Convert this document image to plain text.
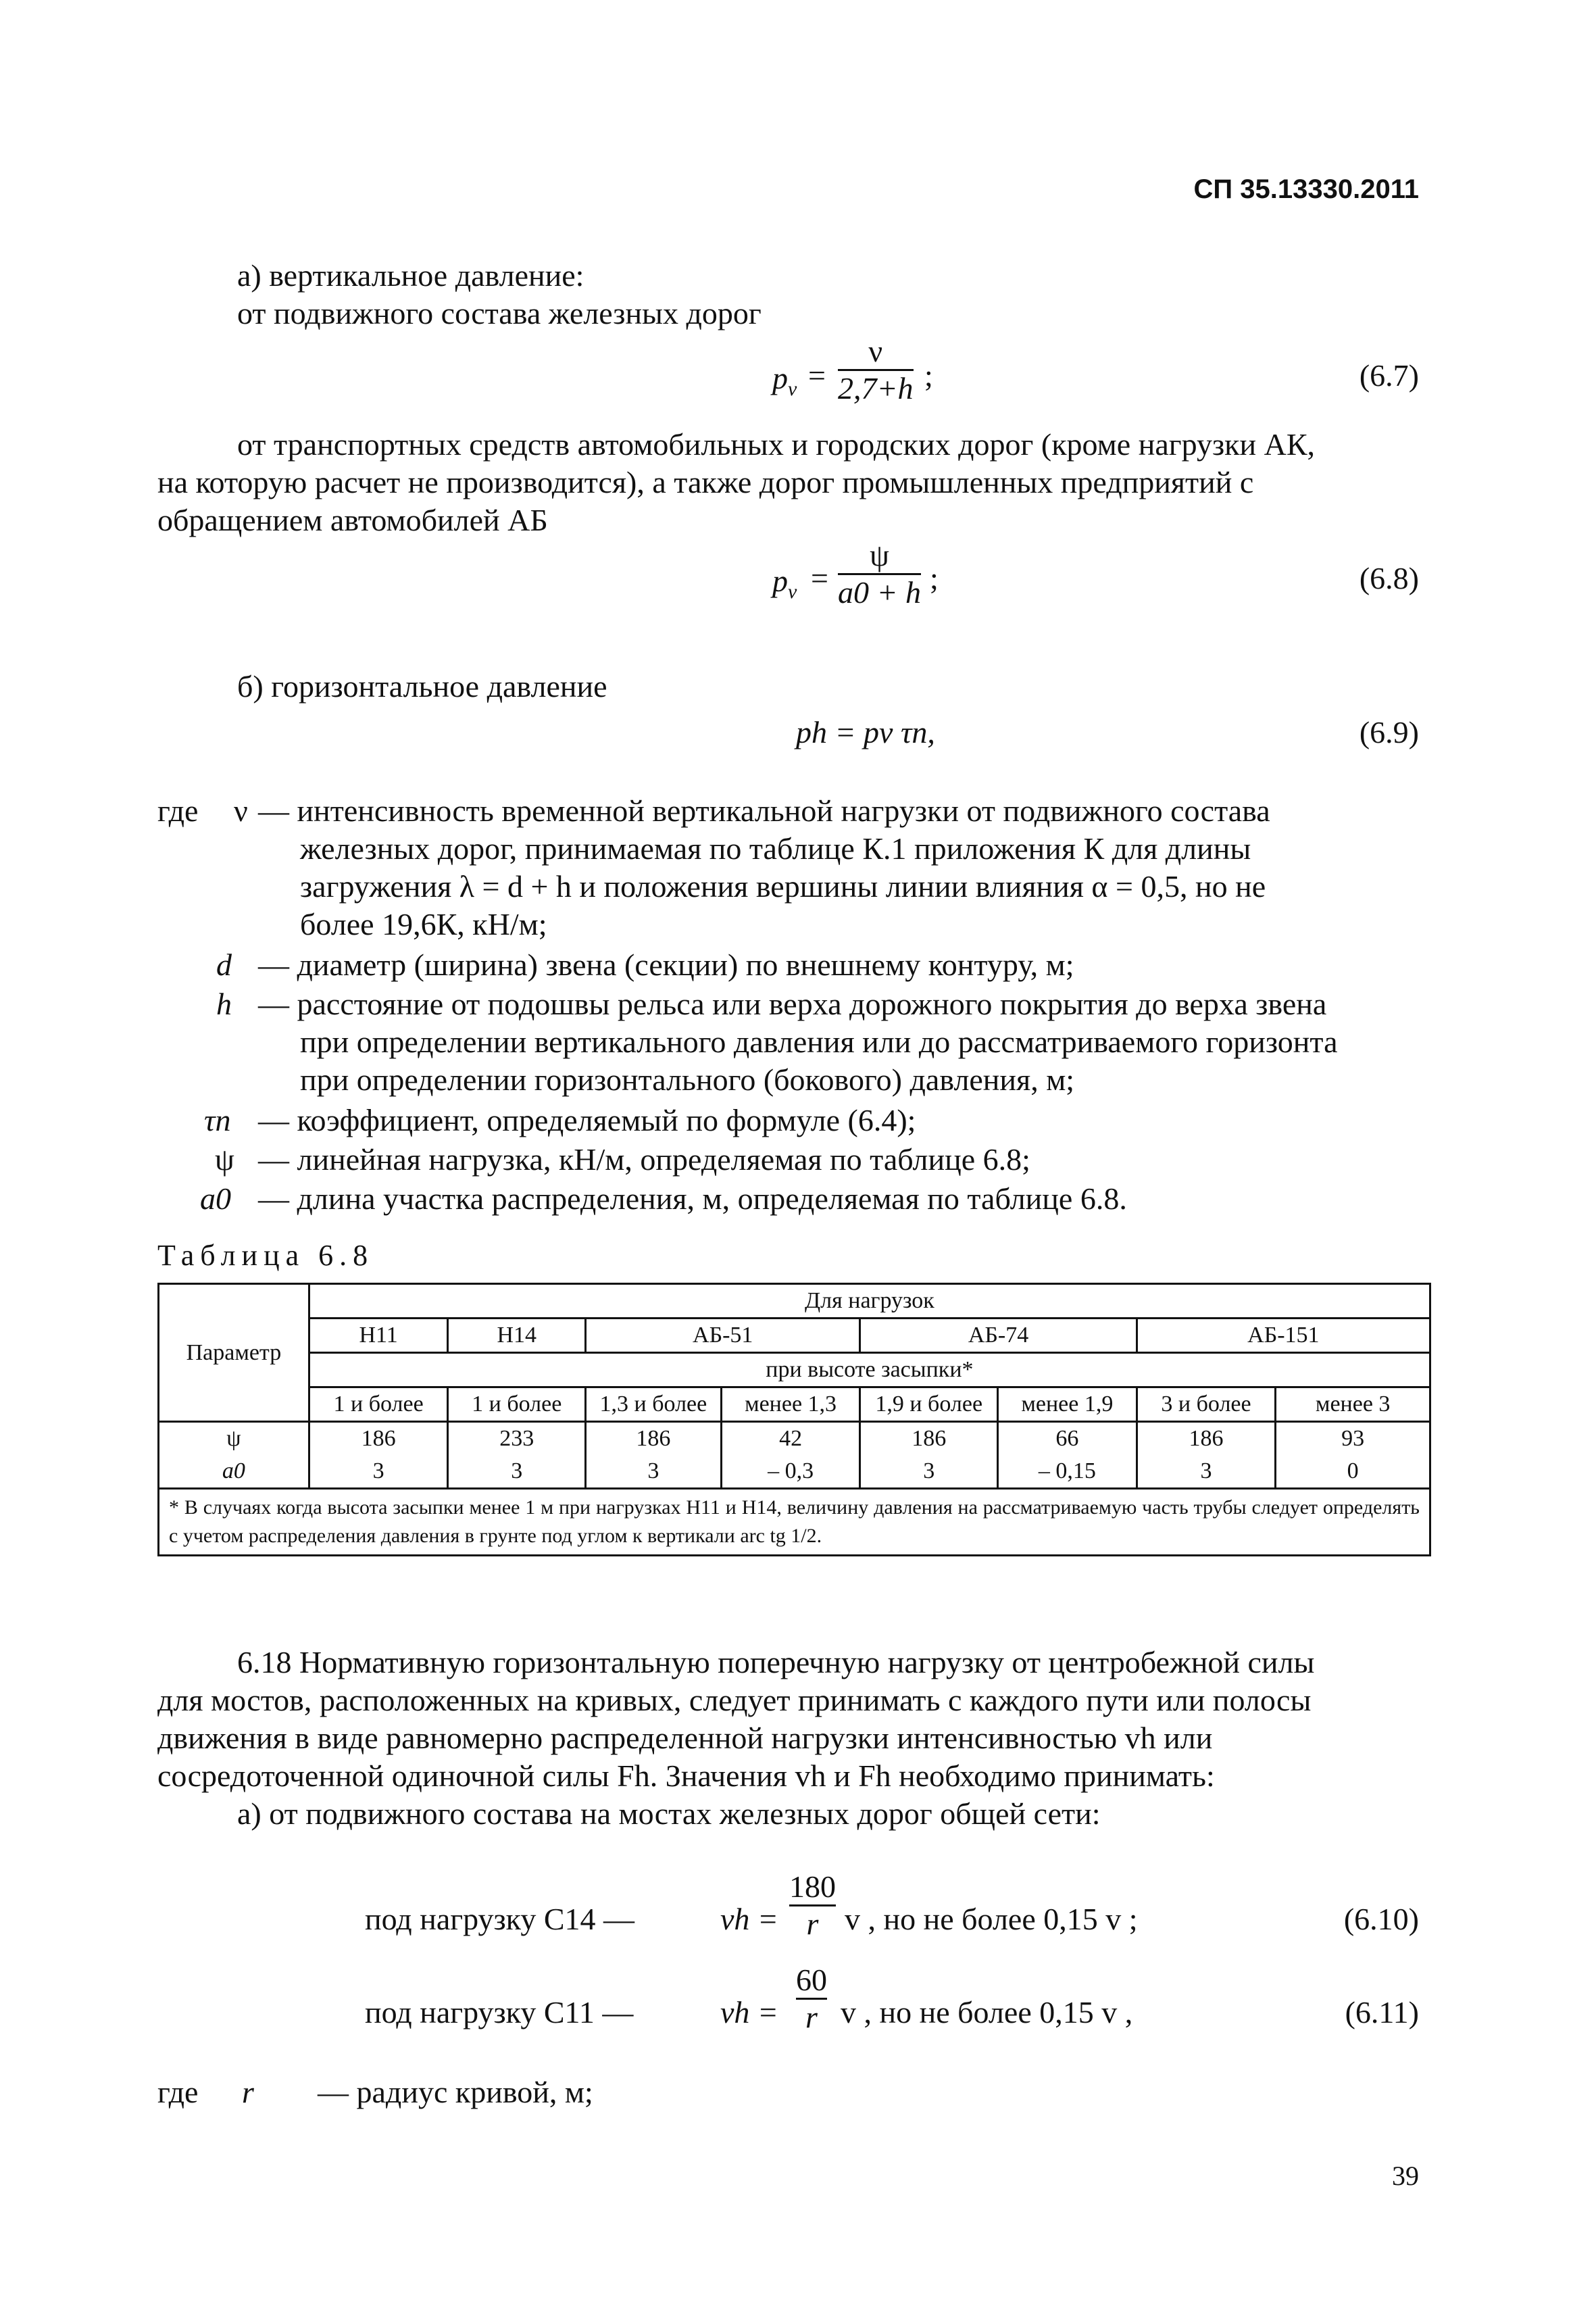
СП 35.13330.2011
а) вертикальное давление:
от подвижного состава железных дорог
$p_v$ =
ν
2,7+h ;	(6.7)
от транспортных средств автомобильных и городских дорог (кроме нагрузки АК,
на которую расчет не производится), а также дорог промышленных предприятий с
обращением автомобилей АБ
$p_v$ =
ψ
a0 + h ;	(6.8)
б) горизонтальное давление
ph = pv τn,	(6.9)
где ν — интенсивность временной вертикальной нагрузки от подвижного состава
железных дорог, принимаемая по таблице К.1 приложения К для длины
загружения λ = d + h и положения вершины линии влияния α = 0,5, но не
более 19,6К, кН/м;
d — диаметр (ширина) звена (секции) по внешнему контуру, м;
h — расстояние от подошвы рельса или верха дорожного покрытия до верха звена
при определении вертикального давления или до рассматриваемого горизонта
при определении горизонтального (бокового) давления, м;
τn — коэффициент, определяемый по формуле (6.4);
ψ — линейная нагрузка, кН/м, определяемая по таблице 6.8;
a0 — длина участка распределения, м, определяемая по таблице 6.8.
Таблица 6.8
Параметр	Для нагрузок							
	Н11	Н14	АБ-51		АБ-74		АБ-151	
	при высоте засыпки*							
	1 и более	1 и более	1,3 и более	менее 1,3	1,9 и более	менее 1,9	3 и более	менее 3
ψ	186	233	186	42	186	66	186	93
a0	3	3	3	– 0,3	3	– 0,15	3	0
* В случаях когда высота засыпки менее 1 м при нагрузках Н11 и Н14, величину давления на рассматриваемую часть трубы следует определять с учетом распределения давления в грунте под углом к вертикали arc tg 1/2.								
6.18 Нормативную горизонтальную поперечную нагрузку от центробежной силы
для мостов, расположенных на кривых, следует принимать с каждого пути или полосы
движения в виде равномерно распределенной нагрузки интенсивностью vh или
сосредоточенной одиночной силы Fh. Значения vh и Fh необходимо принимать:
а) от подвижного состава на мостах железных дорог общей сети:
под нагрузку С14 —	vh =
180
r v , но не более 0,15 v ;	(6.10)
под нагрузку С11 —	vh =
60
r v , но не более 0,15 v ,	(6.11)
где r — радиус кривой, м;
39
